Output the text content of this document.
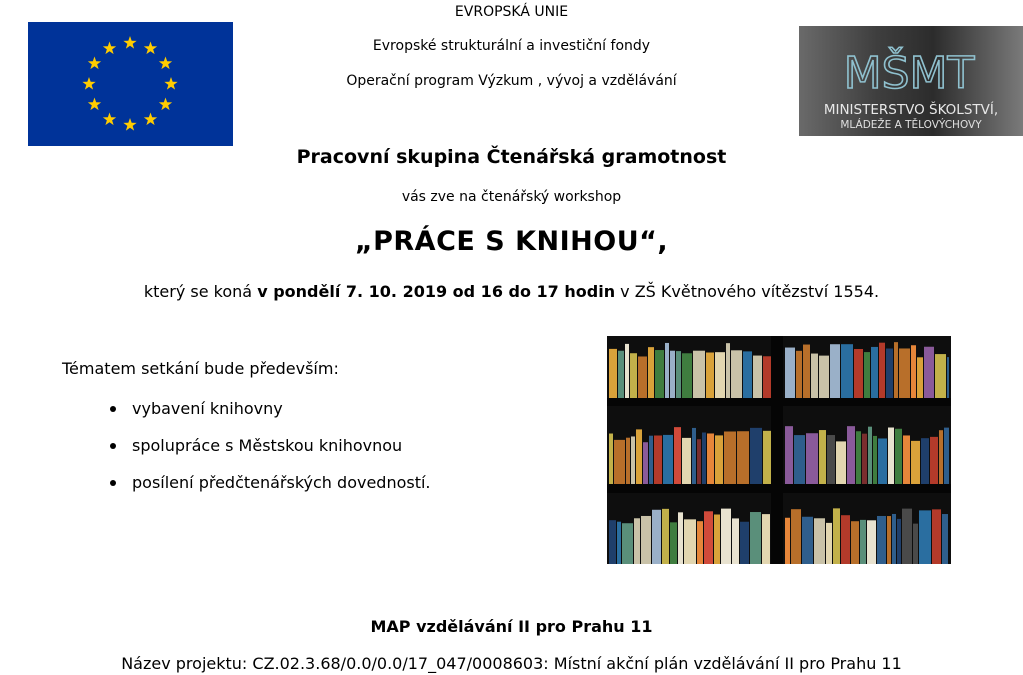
EVROPSKÁ UNIE
Evropské strukturální a investiční fondy
Operační program Výzkum , vývoj a vzdělávání	MŠMT
MINISTERSTVO ŠKOLSTVÍ,
MLÁDEŽE A TĚLOVÝCHOVY
Pracovní skupina Čtenářská gramotnost
vás zve na čtenářský workshop
„PRÁCE S KNIHOU“,
který se koná v pondělí 7. 10. 2019 od 16 do 17 hodin v ZŠ Květnového vítězství 1554.
Tématem setkání bude především:
vybavení knihovny
spolupráce s Městskou knihovnou
posílení předčtenářských dovedností.
MAP vzdělávání II pro Prahu 11
Název projektu: CZ.02.3.68/0.0/0.0/17_047/0008603: Místní akční plán vzdělávání II pro Prahu 11
